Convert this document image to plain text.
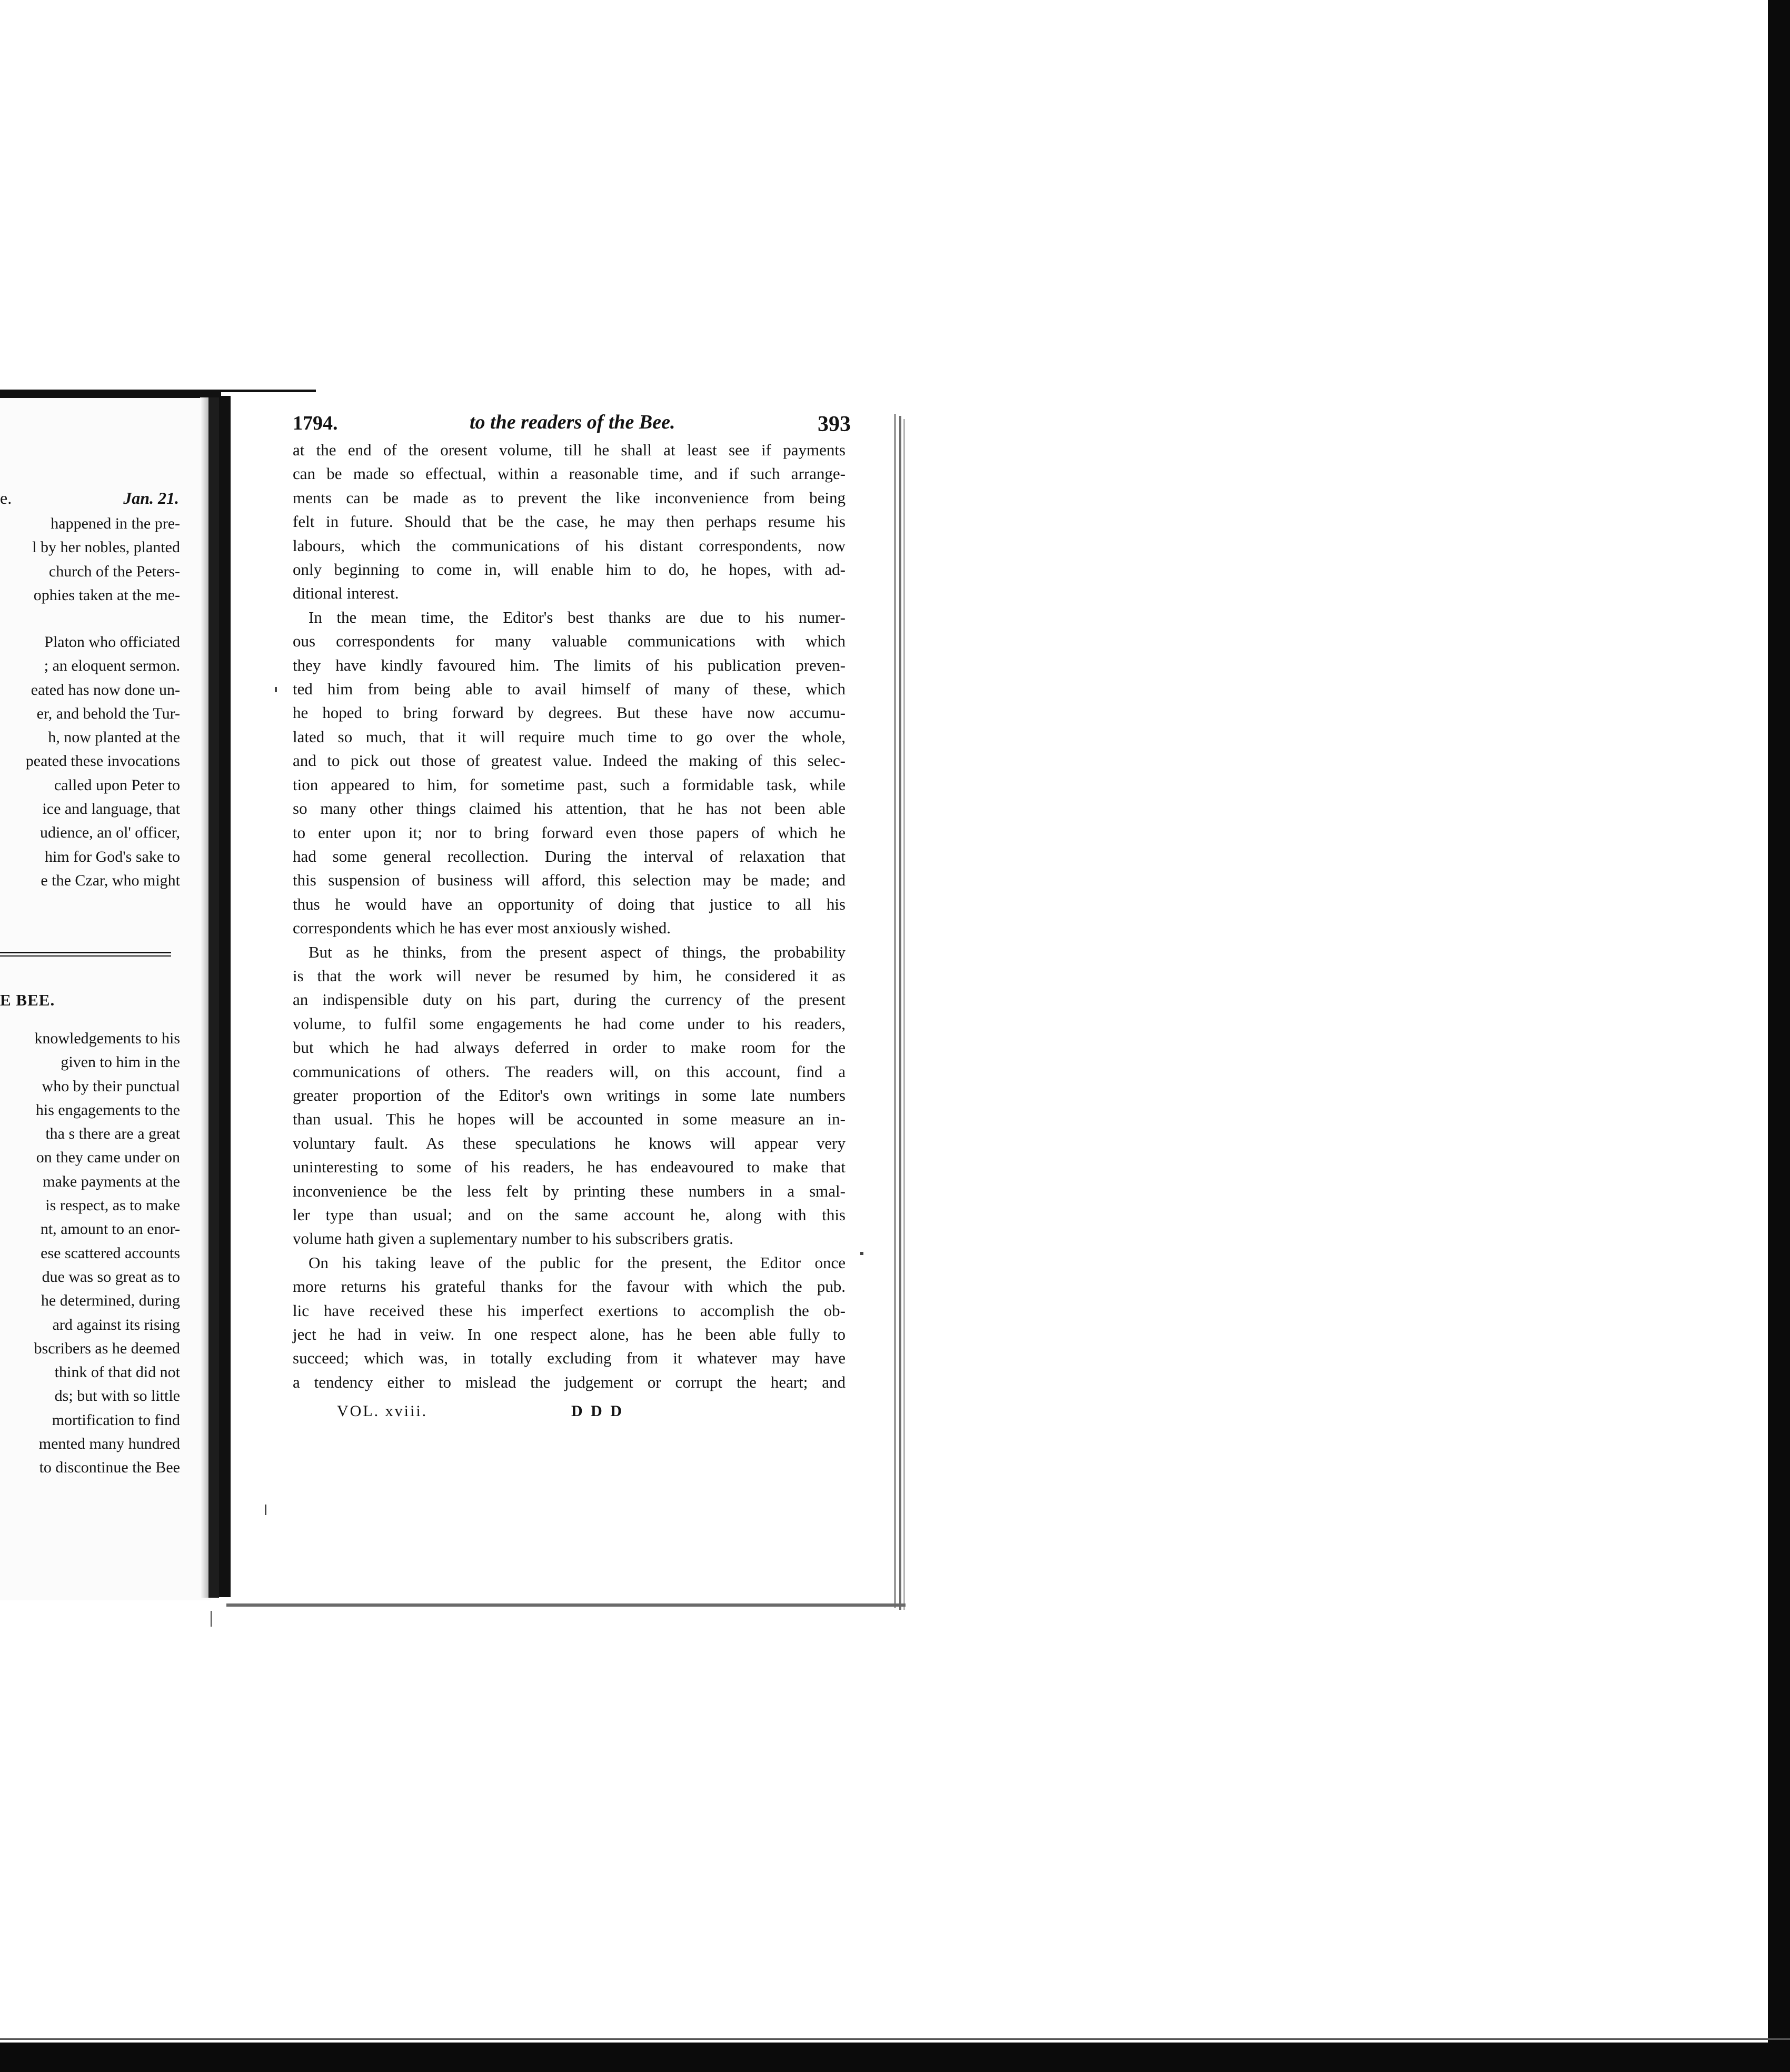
e.	Jan. 21.
happened in the pre-
l by her nobles, planted
church of the Peters-
ophies taken at the me-
Platon who officiated
; an eloquent sermon.
eated has now done un-
er, and behold the Tur-
h, now planted at the
peated these invocations
called upon Peter to
ice and language, that
udience, an ol' officer,
him for God's sake to
e the Czar, who might
E BEE.
knowledgements to his
given to him in the
who by their punctual
his engagements to the
tha s there are a great
on they came under on
make payments at the
is respect, as to make
nt, amount to an enor-
ese scattered accounts
due was so great as to
he determined, during
ard against its rising
bscribers as he deemed
think of that did not
ds; but with so little
mortification to find
mented many hundred
to discontinue the Bee
1794.	to the readers of the Bee.	393

at the end of the oresent volume, till he shall at least see if payments

can be made so effectual, within a reasonable time, and if such arrange-

ments can be made as to prevent the like inconvenience from being

felt in future. Should that be the case, he may then perhaps resume his

labours, which the communications of his distant correspondents, now

only beginning to come in, will enable him to do, he hopes, with ad-

ditional interest.

In the mean time, the Editor's best thanks are due to his numer-

ous correspondents for many valuable communications with which

they have kindly favoured him. The limits of his publication preven-

ted him from being able to avail himself of many of these, which

he hoped to bring forward by degrees. But these have now accumu-

lated so much, that it will require much time to go over the whole,

and to pick out those of greatest value. Indeed the making of this selec-

tion appeared to him, for sometime past, such a formidable task, while

so many other things claimed his attention, that he has not been able

to enter upon it; nor to bring forward even those papers of which he

had some general recollection. During the interval of relaxation that

this suspension of business will afford, this selection may be made; and

thus he would have an opportunity of doing that justice to all his

correspondents which he has ever most anxiously wished.

But as he thinks, from the present aspect of things, the probability

is that the work will never be resumed by him, he considered it as

an indispensible duty on his part, during the currency of the present

volume, to fulfil some engagements he had come under to his readers,

but which he had always deferred in order to make room for the

communications of others. The readers will, on this account, find a

greater proportion of the Editor's own writings in some late numbers

than usual. This he hopes will be accounted in some measure an in-

voluntary fault. As these speculations he knows will appear very

uninteresting to some of his readers, he has endeavoured to make that

inconvenience be the less felt by printing these numbers in a smal-

ler type than usual; and on the same account he, along with this

volume hath given a suplementary number to his subscribers gratis.

On his taking leave of the public for the present, the Editor once

more returns his grateful thanks for the favour with which the pub.

lic have received these his imperfect exertions to accomplish the ob-

ject he had in veiw. In one respect alone, has he been able fully to

succeed; which was, in totally excluding from it whatever may have

a tendency either to mislead the judgement or corrupt the heart; and

VOL. xviii.	D D D
